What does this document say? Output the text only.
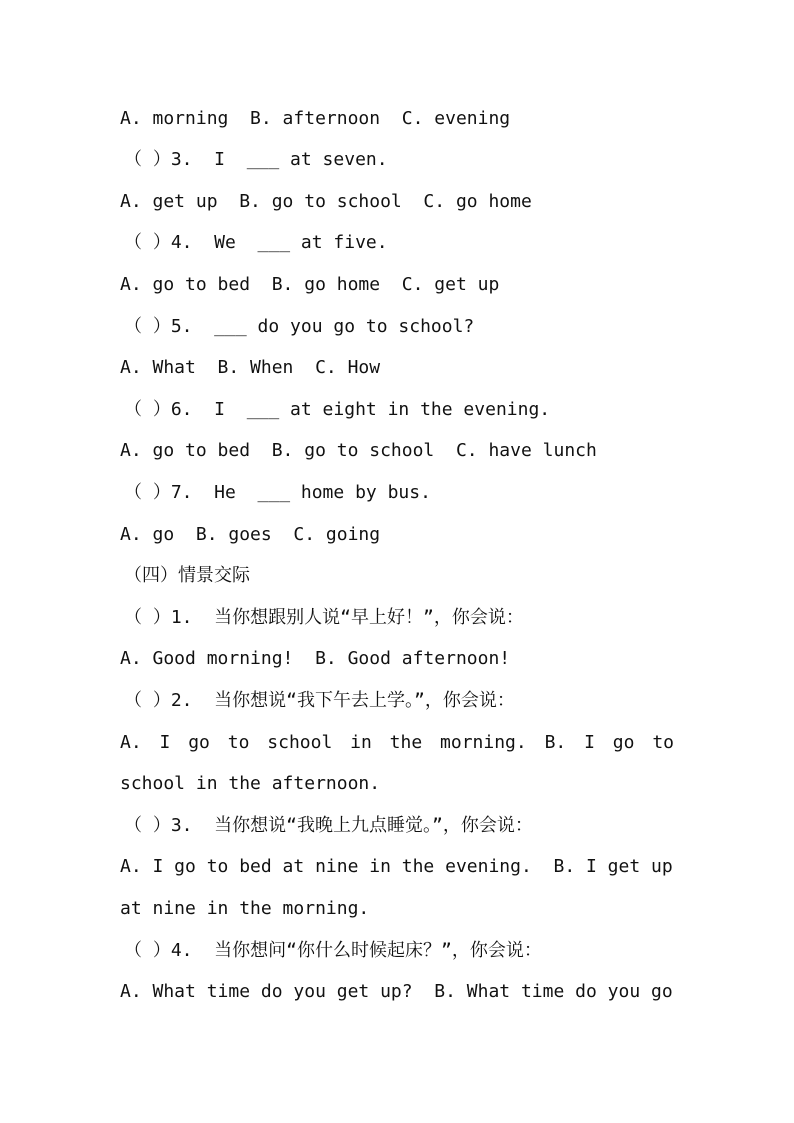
A. morning  B. afternoon  C. evening
（ ）3.  I  ___ at seven.
A. get up  B. go to school  C. go home
（ ）4.  We  ___ at five.
A. go to bed  B. go home  C. get up
（ ）5.  ___ do you go to school?
A. What  B. When  C. How
（ ）6.  I  ___ at eight in the evening.
A. go to bed  B. go to school  C. have lunch
（ ）7.  He  ___ home by bus.
A. go  B. goes  C. going
（四）情景交际
（ ）1.  当你想跟别人说“早上好！”，你会说：
A. Good morning!  B. Good afternoon!
（ ）2.  当你想说“我下午去上学。”，你会说：
A. I go to school in the morning. B. I go to
school in the afternoon.
（ ）3.  当你想说“我晚上九点睡觉。”，你会说：
A. I go to bed at nine in the evening.  B. I get up
at nine in the morning.
（ ）4.  当你想问“你什么时候起床？”，你会说：
A. What time do you get up?  B. What time do you go
